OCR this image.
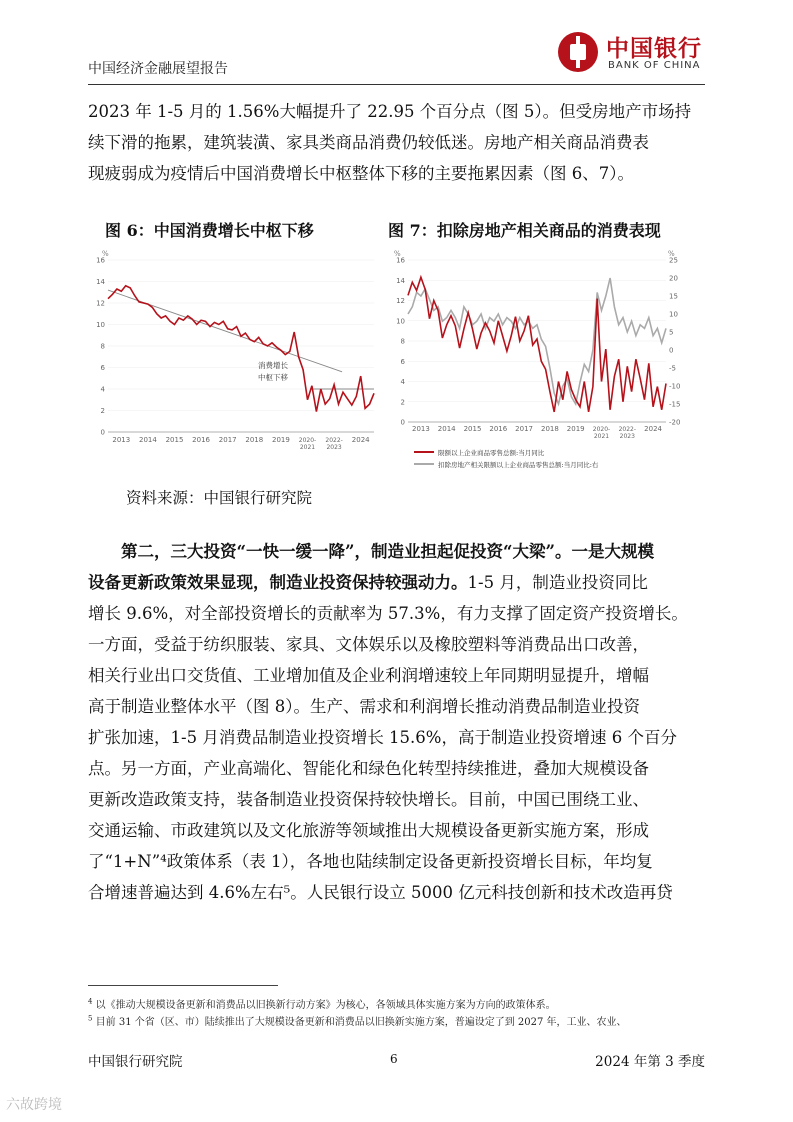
中国经济金融展望报告
中国银行
BANK OF CHINA

2023 年 1-5 月的 1.56%大幅提升了 22.95 个百分点（图 5）。但受房地产市场持
续下滑的拖累，建筑装潢、家具类商品消费仍较低迷。房地产相关商品消费表
现疲弱成为疫情后中国消费增长中枢整体下移的主要拖累因素（图 6、7）。

图 6：中国消费增长中枢下移	图 7：扣除房地产相关商品的消费表现
0
2
4
6
8
10
12
14
16
2013 2014 2015 2016 2017 2018 2019 2020-
2021
2022-
2023
2024
%
消费增长
中枢下移
0
2
4
6
8
10
12
14
16
-20
-15
-10
-5
0
5
10
15
20
25
2013 2014 2015 2016 2017 2018 2019 2020-
2021
2022-
2023
2024
%	%
限额以上企业商品零售总额:当月同比
扣除房地产相关限额以上企业商品零售总额:当月同比:右
资料来源：中国银行研究院

第二，三大投资“一快一缓一降”，制造业担起促投资“大梁”。一是大规模
设备更新政策效果显现，制造业投资保持较强动力。1-5 月，制造业投资同比
增长 9.6%，对全部投资增长的贡献率为 57.3%，有力支撑了固定资产投资增长。
一方面，受益于纺织服装、家具、文体娱乐以及橡胶塑料等消费品出口改善，
相关行业出口交货值、工业增加值及企业利润增速较上年同期明显提升，增幅
高于制造业整体水平（图 8）。生产、需求和利润增长推动消费品制造业投资
扩张加速，1-5 月消费品制造业投资增长 15.6%，高于制造业投资增速 6 个百分
点。另一方面，产业高端化、智能化和绿色化转型持续推进，叠加大规模设备
更新改造政策支持，装备制造业投资保持较快增长。目前，中国已围绕工业、
交通运输、市政建筑以及文化旅游等领域推出大规模设备更新实施方案，形成
了“1+N”⁴政策体系（表 1），各地也陆续制定设备更新投资增长目标，年均复
合增速普遍达到 4.6%左右⁵。人民银行设立 5000 亿元科技创新和技术改造再贷

$^4$ 以《推动大规模设备更新和消费品以旧换新行动方案》为核心，各领域具体实施方案为方向的政策体系。
$^5$ 目前 31 个省（区、市）陆续推出了大规模设备更新和消费品以旧换新实施方案，普遍设定了到 2027 年，工业、农业、
中国银行研究院	6	2024 年第 3 季度
六故跨境
